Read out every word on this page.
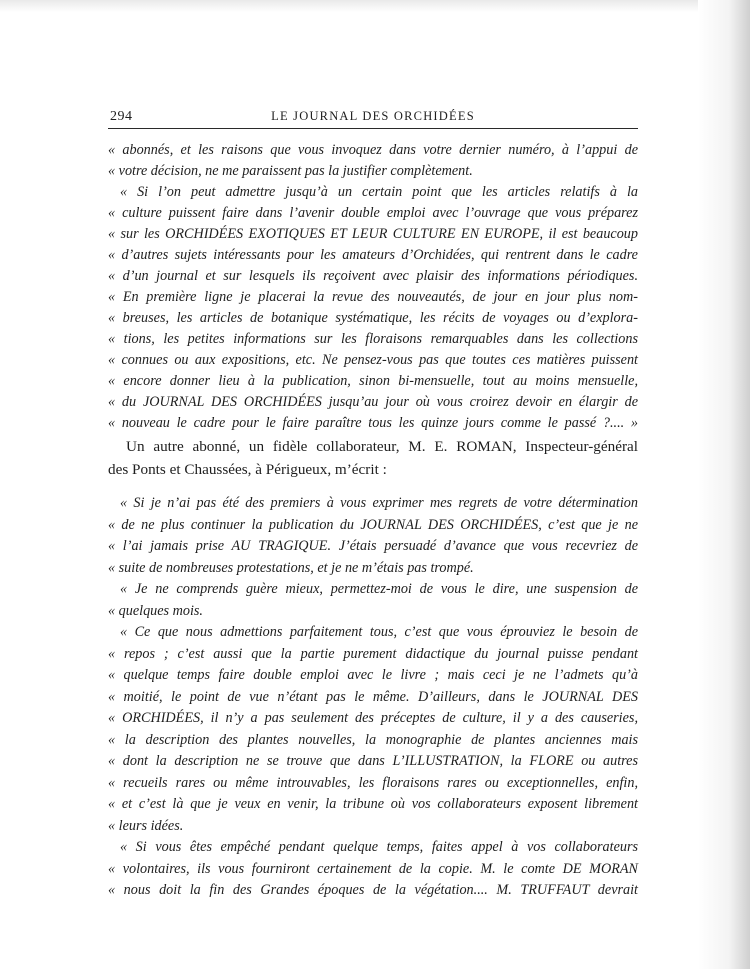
294	LE JOURNAL DES ORCHIDÉES
« abonnés, et les raisons que vous invoquez dans votre dernier numéro, à l’appui de
« votre décision, ne me paraissent pas la justifier complètement.
« Si l’on peut admettre jusqu’à un certain point que les articles relatifs à la
« culture puissent faire dans l’avenir double emploi avec l’ouvrage que vous préparez
« sur les ORCHIDÉES EXOTIQUES ET LEUR CULTURE EN EUROPE, il est beaucoup
« d’autres sujets intéressants pour les amateurs d’Orchidées, qui rentrent dans le cadre
« d’un journal et sur lesquels ils reçoivent avec plaisir des informations périodiques.
« En première ligne je placerai la revue des nouveautés, de jour en jour plus nom-
« breuses, les articles de botanique systématique, les récits de voyages ou d’explora-
« tions, les petites informations sur les floraisons remarquables dans les collections
« connues ou aux expositions, etc. Ne pensez-vous pas que toutes ces matières puissent
« encore donner lieu à la publication, sinon bi-mensuelle, tout au moins mensuelle,
« du JOURNAL DES ORCHIDÉES jusqu’au jour où vous croirez devoir en élargir de
« nouveau le cadre pour le faire paraître tous les quinze jours comme le passé ?.... »
Un autre abonné, un fidèle collaborateur, M. E. ROMAN, Inspecteur-général
des Ponts et Chaussées, à Périgueux, m’écrit :
« Si je n’ai pas été des premiers à vous exprimer mes regrets de votre détermination
« de ne plus continuer la publication du JOURNAL DES ORCHIDÉES, c’est que je ne
« l’ai jamais prise AU TRAGIQUE. J’étais persuadé d’avance que vous recevriez de
« suite de nombreuses protestations, et je ne m’étais pas trompé.
« Je ne comprends guère mieux, permettez-moi de vous le dire, une suspension de
« quelques mois.
« Ce que nous admettions parfaitement tous, c’est que vous éprouviez le besoin de
« repos ; c’est aussi que la partie purement didactique du journal puisse pendant
« quelque temps faire double emploi avec le livre ; mais ceci je ne l’admets qu’à
« moitié, le point de vue n’étant pas le même. D’ailleurs, dans le JOURNAL DES
« ORCHIDÉES, il n’y a pas seulement des préceptes de culture, il y a des causeries,
« la description des plantes nouvelles, la monographie de plantes anciennes mais
« dont la description ne se trouve que dans L’ILLUSTRATION, la FLORE ou autres
« recueils rares ou même introuvables, les floraisons rares ou exceptionnelles, enfin,
« et c’est là que je veux en venir, la tribune où vos collaborateurs exposent librement
« leurs idées.
« Si vous êtes empêché pendant quelque temps, faites appel à vos collaborateurs
« volontaires, ils vous fourniront certainement de la copie. M. le comte DE MORAN
« nous doit la fin des Grandes époques de la végétation.... M. TRUFFAUT devrait
